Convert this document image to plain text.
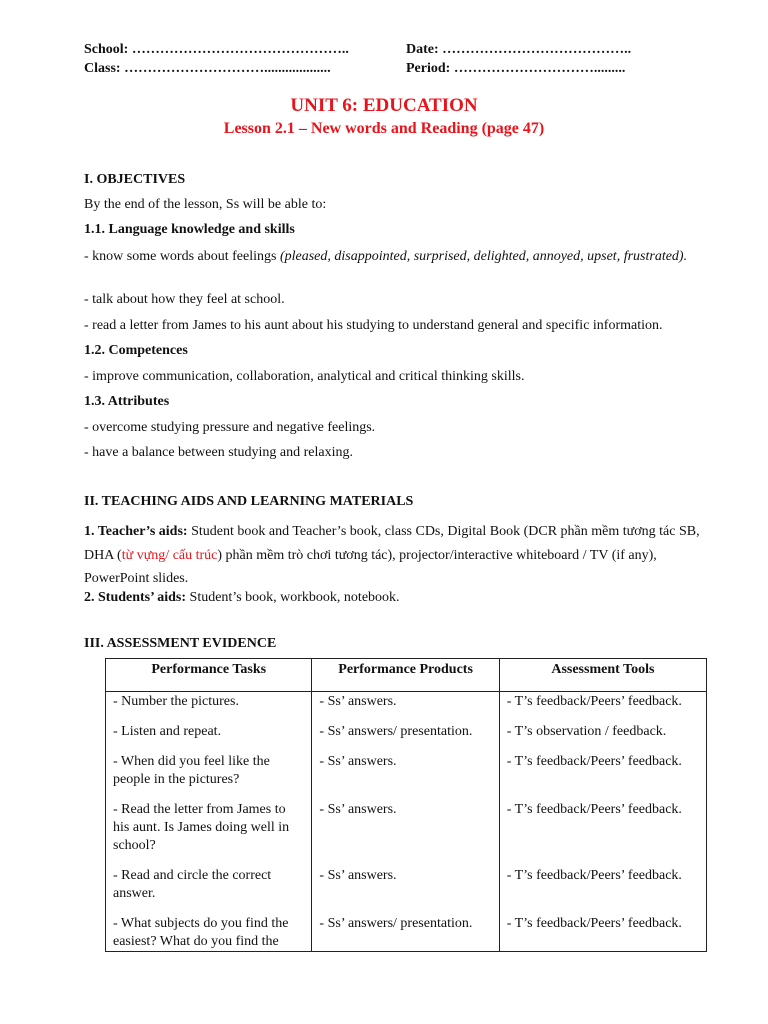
School: ………………………………………..
Class: …………………………...................
Date: …………………………………..
Period: ………………………….........
UNIT 6: EDUCATION
Lesson 2.1 – New words and Reading (page 47)
I. OBJECTIVES
By the end of the lesson, Ss will be able to:
1.1. Language knowledge and skills
- know some words about feelings (pleased, disappointed, surprised, delighted, annoyed, upset, frustrated).
- talk about how they feel at school.
- read a letter from James to his aunt about his studying to understand general and specific information.
1.2. Competences
- improve communication, collaboration, analytical and critical thinking skills.
1.3. Attributes
- overcome studying pressure and negative feelings.
- have a balance between studying and relaxing.
II. TEACHING AIDS AND LEARNING MATERIALS
1. Teacher’s aids: Student book and Teacher’s book, class CDs, Digital Book (DCR phần mềm tương tác SB, DHA (từ vựng/ cấu trúc) phần mềm trò chơi tương tác), projector/interactive whiteboard / TV (if any), PowerPoint slides.
2. Students’ aids: Student’s book, workbook, notebook.
III. ASSESSMENT EVIDENCE
Performance Tasks	Performance Products	Assessment Tools
- Number the pictures.	- Ss’ answers.	- T’s feedback/Peers’ feedback.
- Listen and repeat.	- Ss’ answers/ presentation.	- T’s observation / feedback.
- When did you feel like the people in the pictures?	- Ss’ answers.	- T’s feedback/Peers’ feedback.
- Read the letter from James to his aunt. Is James doing well in school?	- Ss’ answers.	- T’s feedback/Peers’ feedback.
- Read and circle the correct answer.	- Ss’ answers.	- T’s feedback/Peers’ feedback.
- What subjects do you find the easiest? What do you find the	- Ss’ answers/ presentation.	- T’s feedback/Peers’ feedback.
